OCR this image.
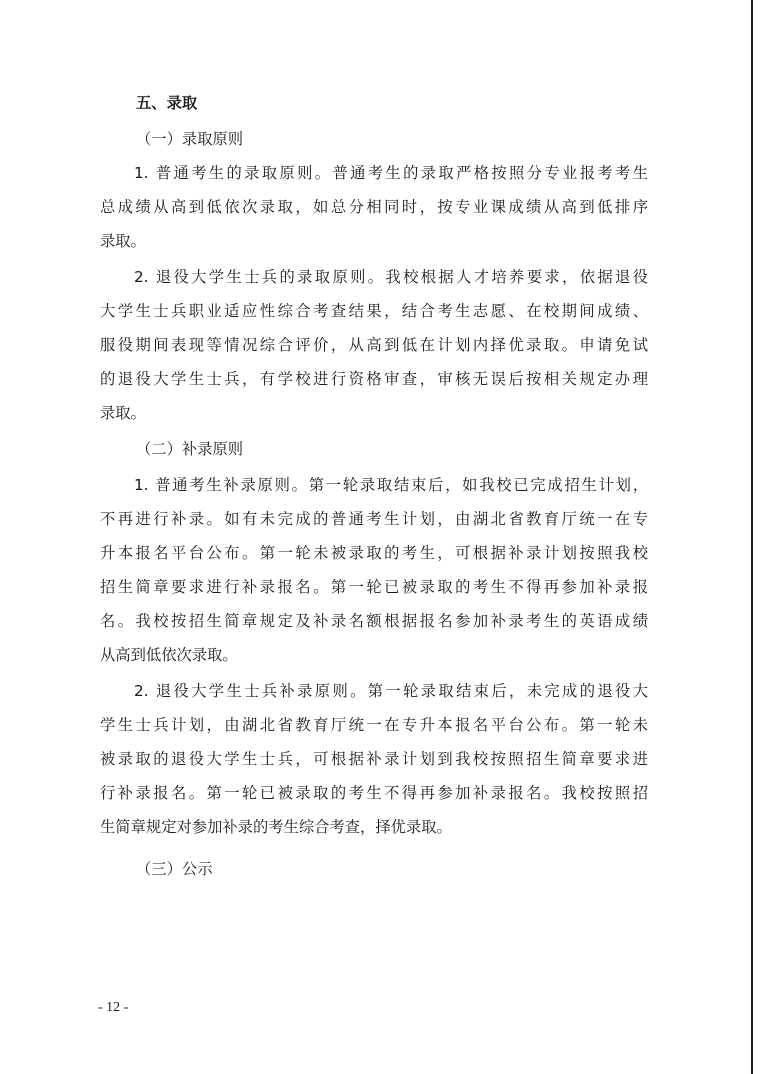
五、录取
（一）录取原则
1. 普通考生的录取原则。普通考生的录取严格按照分专业报考考生
总成绩从高到低依次录取，如总分相同时，按专业课成绩从高到低排序
录取。
2. 退役大学生士兵的录取原则。我校根据人才培养要求，依据退役
大学生士兵职业适应性综合考查结果，结合考生志愿、在校期间成绩、
服役期间表现等情况综合评价，从高到低在计划内择优录取。申请免试
的退役大学生士兵，有学校进行资格审查，审核无误后按相关规定办理
录取。
（二）补录原则
1. 普通考生补录原则。第一轮录取结束后，如我校已完成招生计划，
不再进行补录。如有未完成的普通考生计划，由湖北省教育厅统一在专
升本报名平台公布。第一轮未被录取的考生，可根据补录计划按照我校
招生简章要求进行补录报名。第一轮已被录取的考生不得再参加补录报
名。我校按招生简章规定及补录名额根据报名参加补录考生的英语成绩
从高到低依次录取。
2. 退役大学生士兵补录原则。第一轮录取结束后，未完成的退役大
学生士兵计划，由湖北省教育厅统一在专升本报名平台公布。第一轮未
被录取的退役大学生士兵，可根据补录计划到我校按照招生简章要求进
行补录报名。第一轮已被录取的考生不得再参加补录报名。我校按照招
生简章规定对参加补录的考生综合考查，择优录取。
（三）公示
- 12 -
